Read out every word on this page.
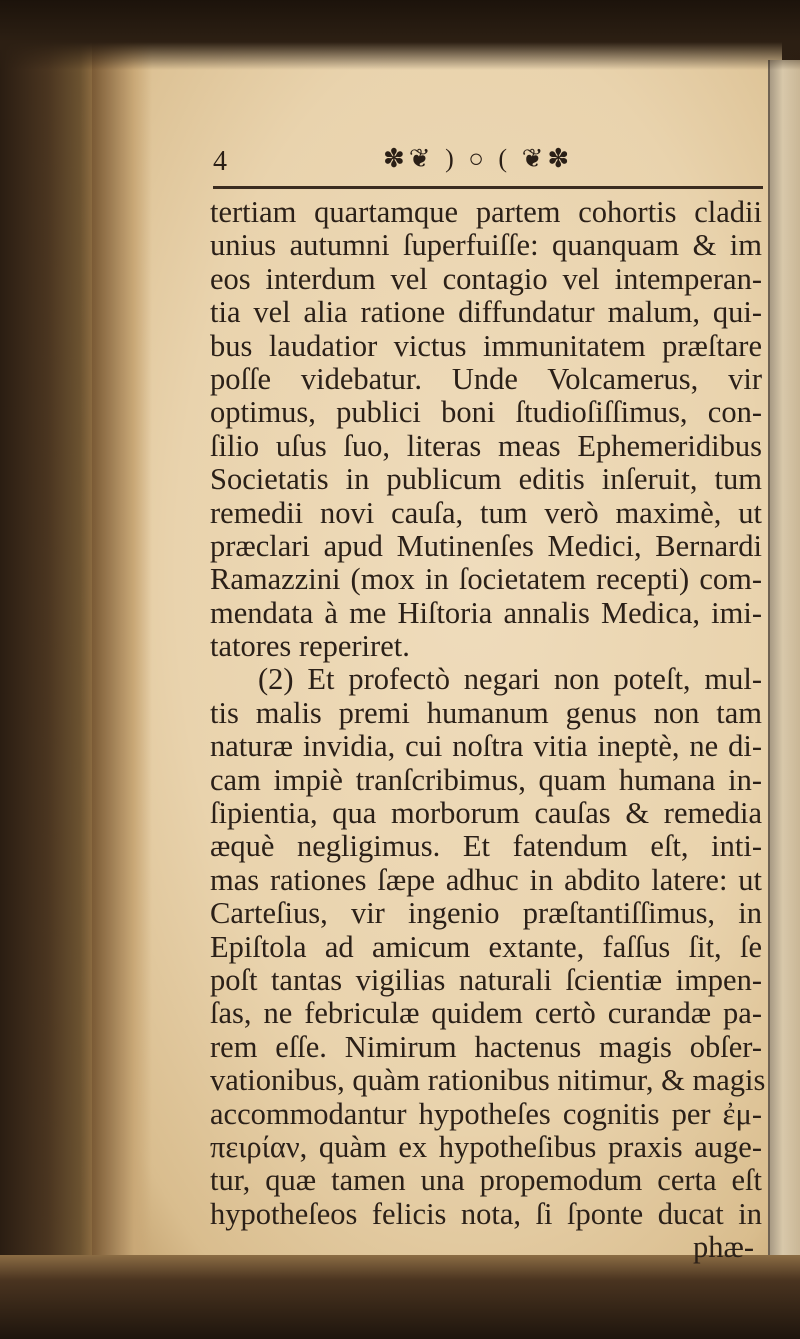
4	✽❦ ) ○ ( ❦✽
tertiam quartamque partem cohortis cladii
unius autumni ſuperfuiſſe: quanquam & im
eos interdum vel contagio vel intemperan-
tia vel alia ratione diffundatur malum, qui-
bus laudatior victus immunitatem præſtare
poſſe videbatur. Unde Volcamerus, vir
optimus, publici boni ſtudioſiſſimus, con-
ſilio uſus ſuo, literas meas Ephemeridibus
Societatis in publicum editis inſeruit, tum
remedii novi cauſa, tum verò maximè, ut
præclari apud Mutinenſes Medici, Bernardi
Ramazzini (mox in ſocietatem recepti) com-
mendata à me Hiſtoria annalis Medica, imi-
tatores reperiret.
(2) Et profectò negari non poteſt, mul-
tis malis premi humanum genus non tam
naturæ invidia, cui noſtra vitia ineptè, ne di-
cam impiè tranſcribimus, quam humana in-
ſipientia, qua morborum cauſas & remedia
æquè negligimus. Et fatendum eſt, inti-
mas rationes ſæpe adhuc in abdito latere: ut
Carteſius, vir ingenio præſtantiſſimus, in
Epiſtola ad amicum extante, faſſus ſit, ſe
poſt tantas vigilias naturali ſcientiæ impen-
ſas, ne febriculæ quidem certò curandæ pa-
rem eſſe. Nimirum hactenus magis obſer-
vationibus, quàm rationibus nitimur, & magis
accommodantur hypotheſes cognitis per ἐμ-
πειρίαν, quàm ex hypotheſibus praxis auge-
tur, quæ tamen una propemodum certa eſt
hypotheſeos felicis nota, ſi ſponte ducat in
phæ-
